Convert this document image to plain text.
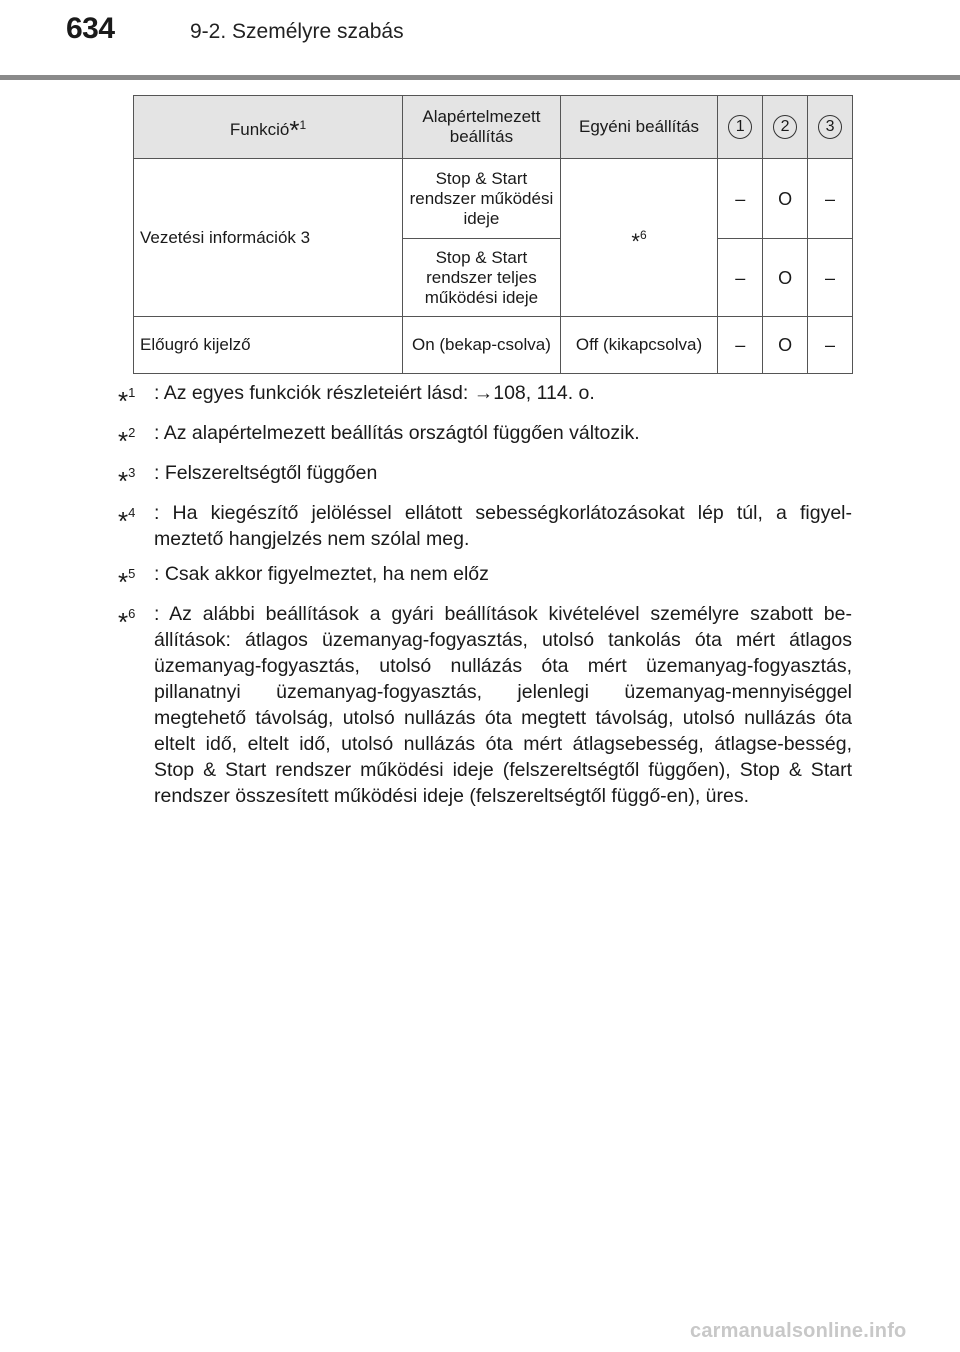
634	9-2. Személyre szabás
Funkció*$^1$	Alapértelmezett beállítás	Egyéni beállítás	1	2	3
Vezetési információk 3	Stop & Start rendszer működési ideje	*$^6$	–	O	–
	Stop & Start rendszer teljes működési ideje		–	O	–
Előugró kijelző	On (bekap-csolva)	Off (kikapcsolva)	–	O	–
*$^1$ : Az egyes funkciók részleteiért lásd: →108, 114. o.
*$^2$ : Az alapértelmezett beállítás országtól függően változik.
*$^3$ : Felszereltségtől függően
*$^4$ : Ha kiegészítő jelöléssel ellátott sebességkorlátozásokat lép túl, a figyel-meztető hangjelzés nem szólal meg.
*$^5$ : Csak akkor figyelmeztet, ha nem előz
*$^6$ : Az alábbi beállítások a gyári beállítások kivételével személyre szabott be-állítások: átlagos üzemanyag-fogyasztás, utolsó tankolás óta mért átlagos üzemanyag-fogyasztás, utolsó nullázás óta mért üzemanyag-fogyasztás, pillanatnyi üzemanyag-fogyasztás, jelenlegi üzemanyag-mennyiséggel megtehető távolság, utolsó nullázás óta megtett távolság, utolsó nullázás óta eltelt idő, eltelt idő, utolsó nullázás óta mért átlagsebesség, átlagse-besség, Stop & Start rendszer működési ideje (felszereltségtől függően), Stop & Start rendszer összesített működési ideje (felszereltségtől függő-en), üres.
carmanualsonline.info
